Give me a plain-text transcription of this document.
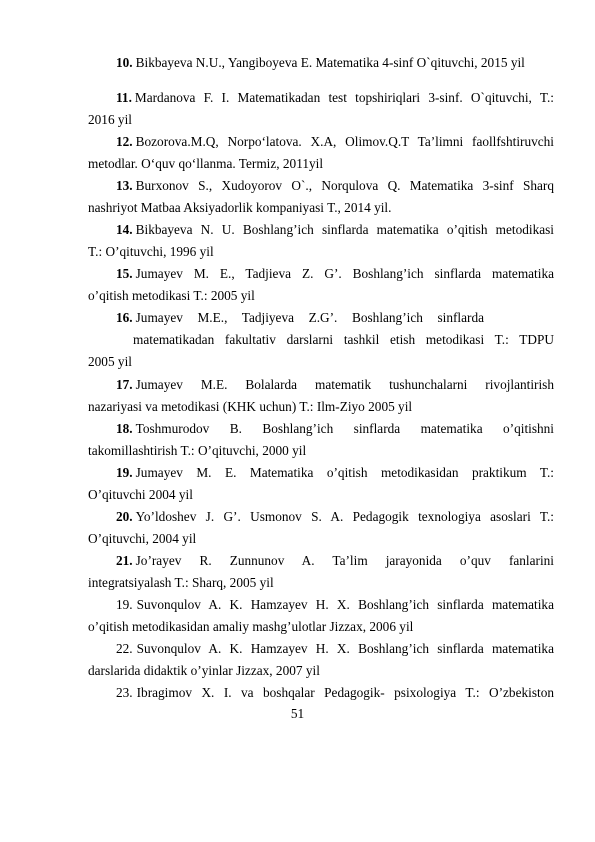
10. Bikbayeva N.U., Yangiboyeva E. Matematika 4-sinf O`qituvchi, 2015 yil
11. Mardanova F. I. Matematikadan test topshiriqlari 3-sinf. O`qituvchi, T.:
2016 yil
12. Bozorova.M.Q, Norpo‘latova. X.A, Olimov.Q.T Ta’limni faollfshtiruvchi
metodlar. O‘quv qo‘llanma. Termiz, 2011yil
13. Burxonov S., Xudoyorov O`., Norqulova Q. Matematika 3-sinf Sharq
nashriyot Matbaa Aksiyadorlik kompaniyasi T., 2014 yil.
14. Bikbayeva N. U. Boshlang’ich sinflarda matematika o’qitish metodikasi
T.: O’qituvchi, 1996 yil
15. Jumayev M. E., Tadjieva Z. G’. Boshlang’ich sinflarda matematika
o’qitish metodikasi T.: 2005 yil
16. Jumayev M.E., Tadjiyeva Z.G’. Boshlang’ich sinflarda
matematikadan fakultativ darslarni tashkil etish metodikasi T.: TDPU
2005 yil
17. Jumayev M.E. Bolalarda matematik tushunchalarni rivojlantirish
nazariyasi va metodikasi (KHK uchun) T.: Ilm-Ziyo 2005 yil
18. Toshmurodov B. Boshlang’ich sinflarda matematika o’qitishni
takomillashtirish T.: O’qituvchi, 2000 yil
19. Jumayev M. E. Matematika o’qitish metodikasidan praktikum T.:
O’qituvchi 2004 yil
20. Yo’ldoshev J. G’. Usmonov S. A. Pedagogik texnologiya asoslari T.:
O’qituvchi, 2004 yil
21. Jo’rayev R. Zunnunov A. Ta’lim jarayonida o’quv fanlarini
integratsiyalash T.: Sharq, 2005 yil
19. Suvonqulov A. K. Hamzayev H. X. Boshlang’ich sinflarda matematika
o’qitish metodikasidan amaliy mashg’ulotlar Jizzax, 2006 yil
22. Suvonqulov A. K. Hamzayev H. X. Boshlang’ich sinflarda matematika
darslarida didaktik o’yinlar Jizzax, 2007 yil
23. Ibragimov X. I. va boshqalar Pedagogik- psixologiya T.: O’zbekiston
51
